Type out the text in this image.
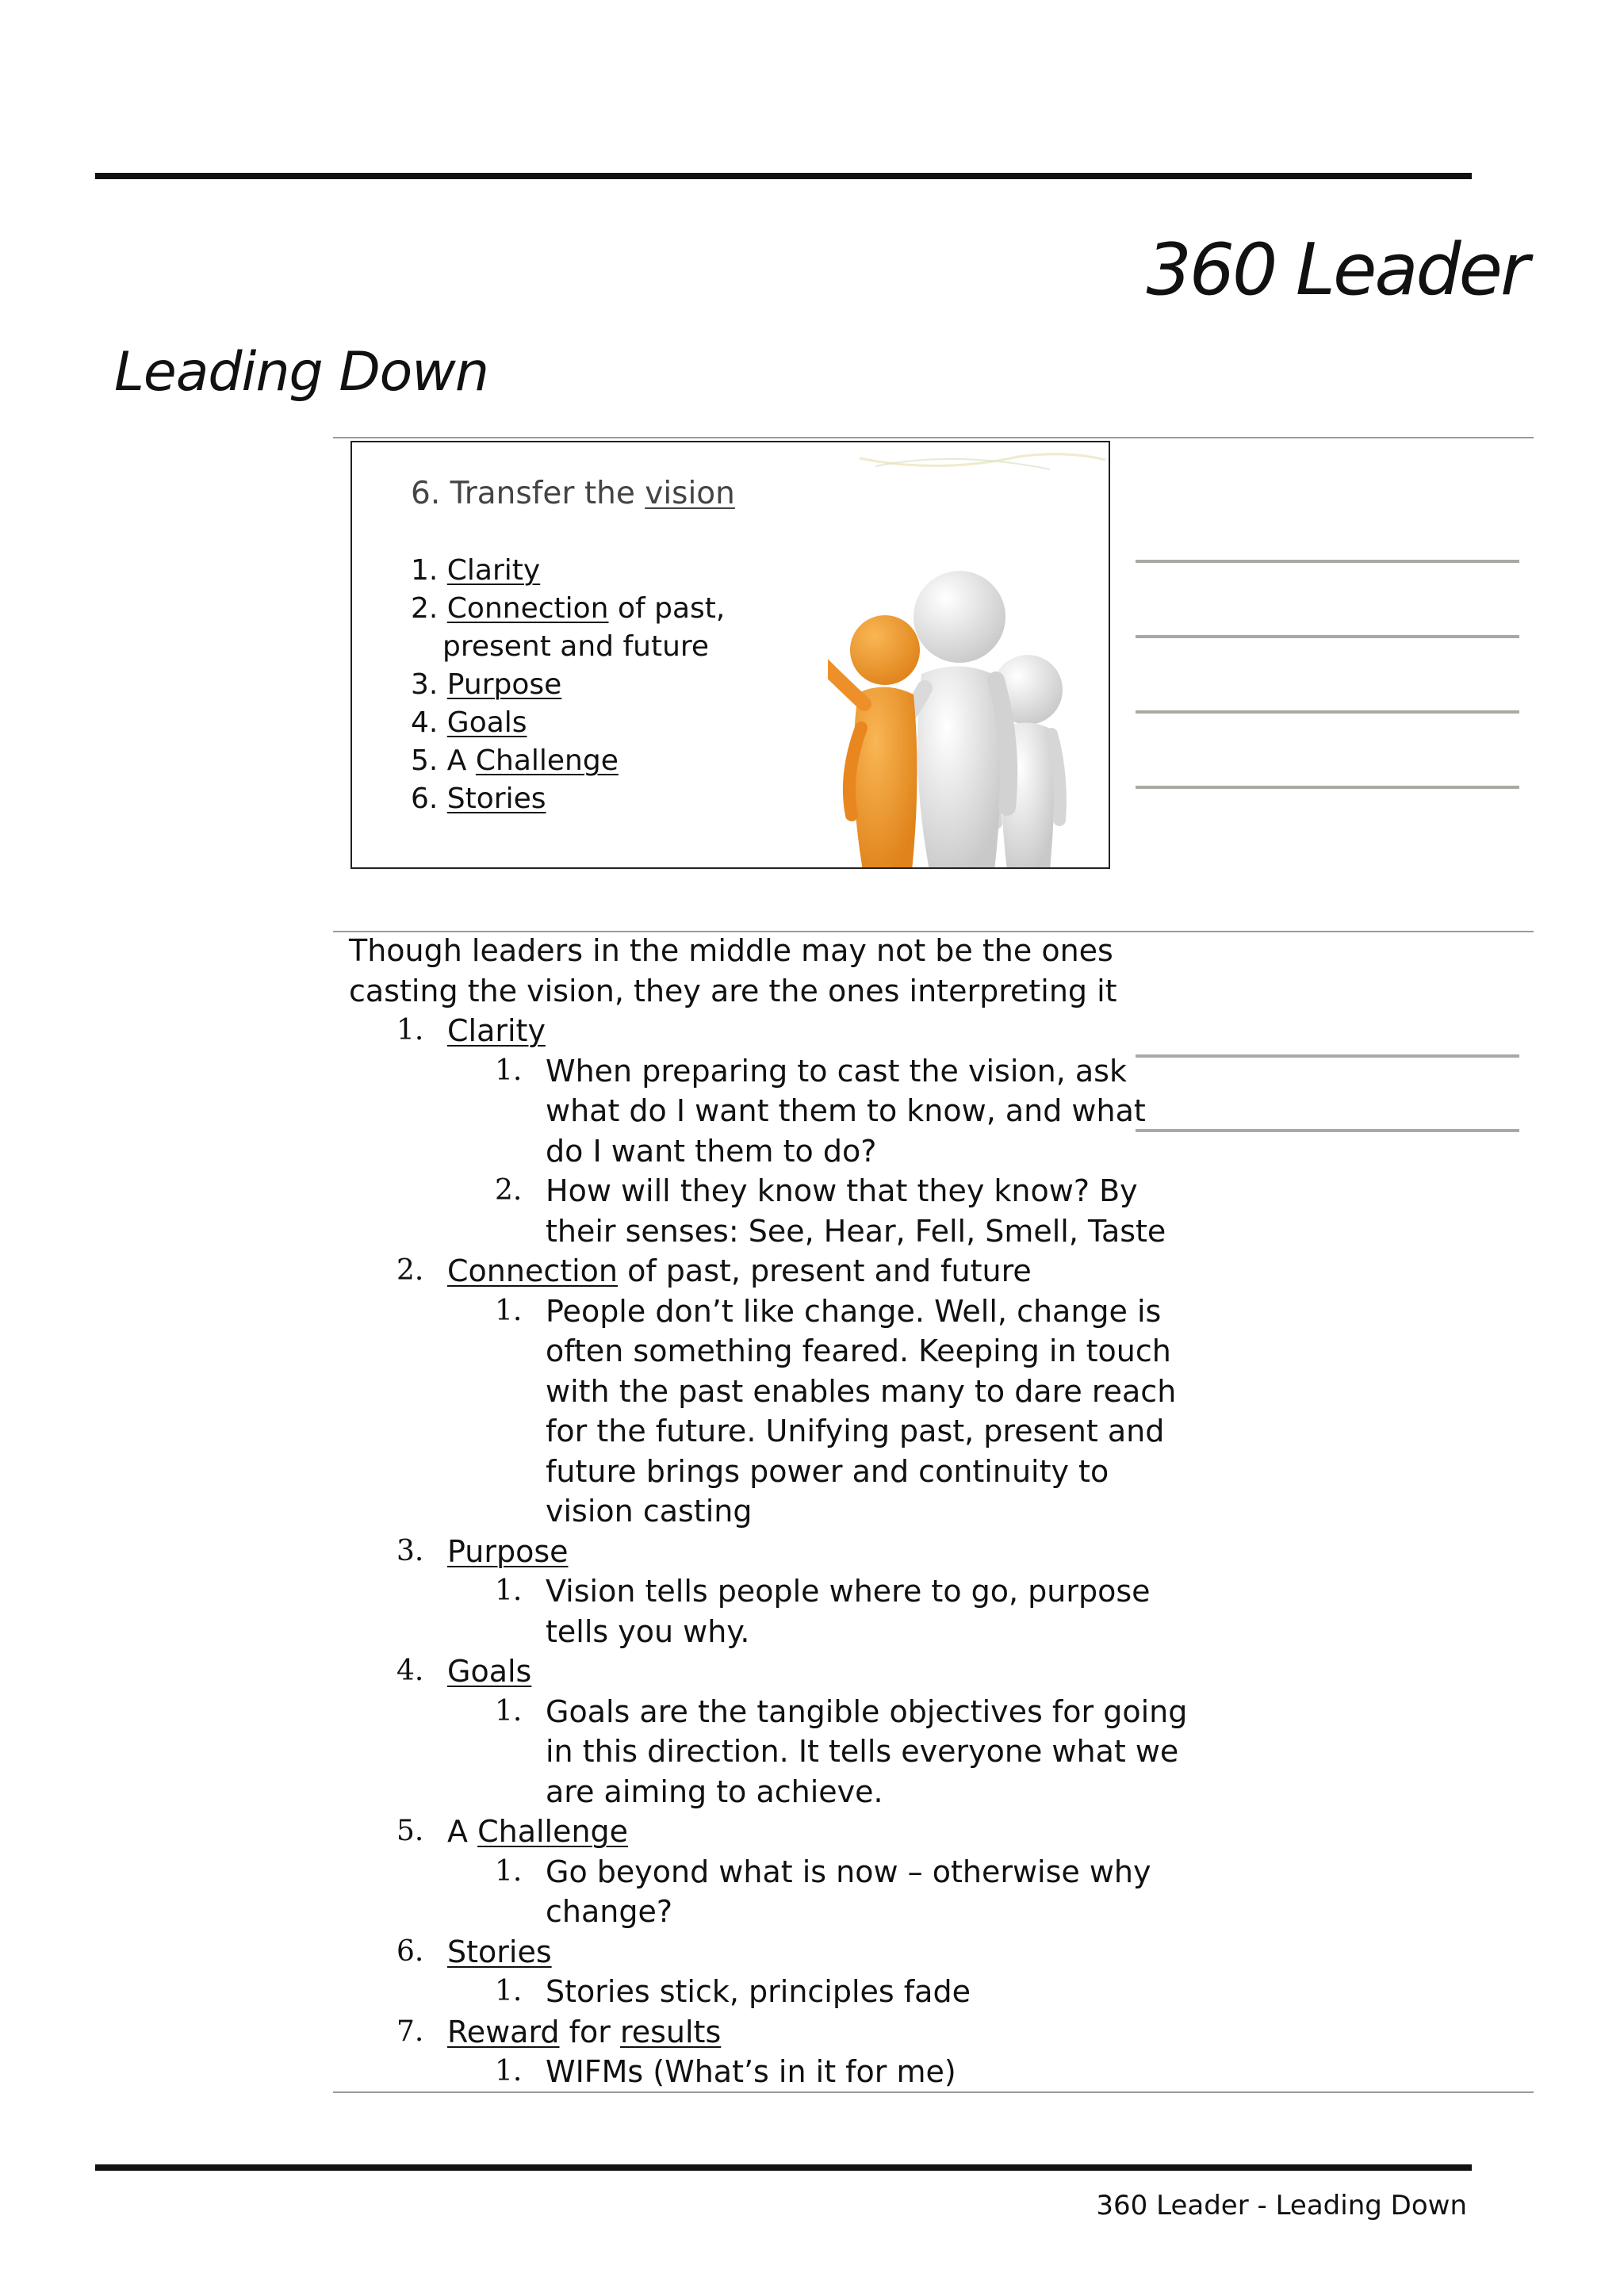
360 Leader
Leading Down
6. Transfer the vision
1. Clarity
2. Connection of past,
present and future
3. Purpose
4. Goals
5. A Challenge
6. Stories
Though leaders in the middle may not be the ones
casting the vision, they are the ones interpreting it
1. Clarity
1. When preparing to cast the vision, ask
what do I want them to know, and what
do I want them to do?
2. How will they know that they know? By
their senses: See, Hear, Fell, Smell, Taste
2. Connection of past, present and future
1. People don’t like change. Well, change is
often something feared. Keeping in touch
with the past enables many to dare reach
for the future. Unifying past, present and
future brings power and continuity to
vision casting
3. Purpose
1. Vision tells people where to go, purpose
tells you why.
4. Goals
1. Goals are the tangible objectives for going
in this direction. It tells everyone what we
are aiming to achieve.
5. A Challenge
1. Go beyond what is now – otherwise why
change?
6. Stories
1. Stories stick, principles fade
7. Reward for results
1. WIFMs (What’s in it for me)
360 Leader - Leading Down
